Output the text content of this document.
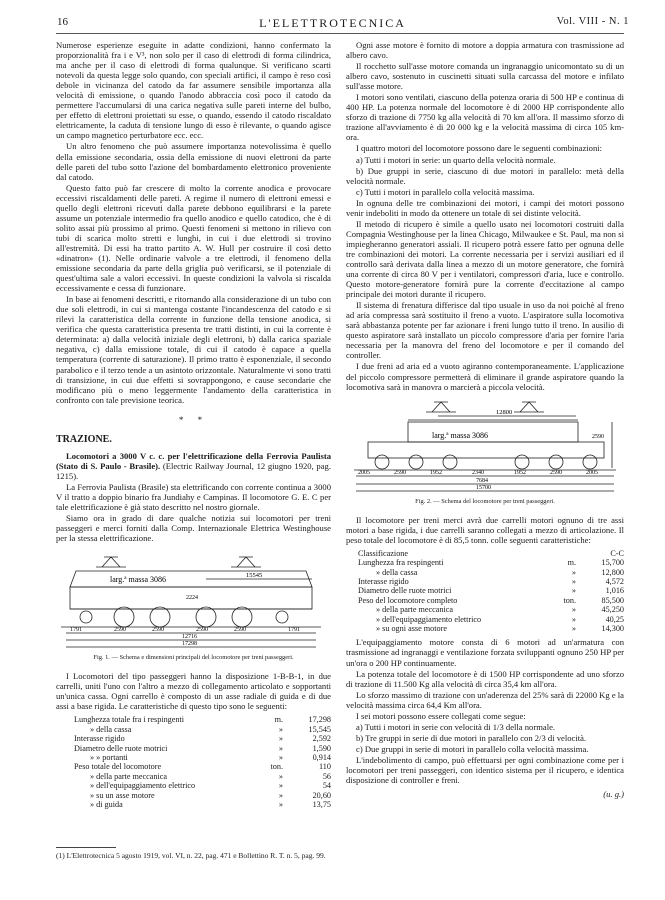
16	L'ELETTROTECNICA	Vol. VIII - N. 1

Numerose esperienze eseguite in adatte condizioni, hanno confermato la proporzionalità fra i e V³, non solo per il caso di elettrodi di forma cilindrica, ma anche per il caso di elettrodi di forma qualunque. Si verificano scarti notevoli da questa legge solo quando, con speciali artifici, il campo è reso così debole in vicinanza del catodo da far assumere sensibile importanza alla velocità di emissione, o quando l'anodo abbraccia così poco il catodo da permettere l'accumularsi di una carica negativa sulle pareti interne del bulbo, per effetto di elettroni proiettati su esse, o quando, essendo il catodo riscaldato elettricamente, la caduta di tensione lungo di esso è rilevante, o quando agisce un campo magnetico perturbatore ecc. ecc.

Un altro fenomeno che può assumere importanza notevolissima è quello della emissione secondaria, ossia della emissione di nuovi elettroni da parte delle pareti del tubo sotto l'azione del bombardamento elettronico proveniente dal catodo.

Questo fatto può far crescere di molto la corrente anodica e provocare eccessivi riscaldamenti delle pareti. A regime il numero di elettroni emessi e quello degli elettroni ricevuti dalla parete debbono equilibrarsi e la parete assume un potenziale intermedio fra quello anodico e quello catodico, che è di solito assai più prossimo al primo. Questi fenomeni si mettono in rilievo con tubi di scarica molto stretti e lunghi, in cui i due elettrodi si trovino all'estremità. Di essi ha tratto partito A. W. Hull per costruire il così detto «dinatron» (1). Nelle ordinarie valvole a tre elettrodi, il fenomeno della emissione secondaria da parte della griglia può verificarsi, se il potenziale di quest'ultima sale a valori eccessivi. In queste condizioni la valvola si riscalda eccessivamente e cessa di funzionare.

In base ai fenomeni descritti, e ritornando alla considerazione di un tubo con due soli elettrodi, in cui si mantenga costante l'incandescenza del catodo e si rilevi la caratteristica della corrente in funzione della tensione anodica, si verifica che questa caratteristica presenta tre tratti distinti, in cui la corrente è determinata: a) dalla velocità iniziale degli elettroni, b) dalla carica spaziale negativa, c) dalla emissione totale, di cui il catodo è capace a quella temperatura (corrente di saturazione). Il primo tratto è esponenziale, il secondo parabolico e il terzo tende a un asintoto orizzontale. Naturalmente vi sono tratti di transizione, in cui due effetti si sovrappongono, e cause secondarie che modificano più o meno leggermente l'andamento della caratteristica in confronto con tale previsione teorica.

* *
TRAZIONE.

Locomotori a 3000 V c. c. per l'elettrificazione della Ferrovia Paulista (Stato di S. Paulo - Brasile). (Electric Railway Journal, 12 giugno 1920, pag. 1215).

La Ferrovia Paulista (Brasile) sta elettrificando con corrente continua a 3000 V il tratto a doppio binario fra Jundiahy e Campinas. Il locomotore G. E. C per tale elettrificazione è già stato descritto nel nostro giornale.

Siamo ora in grado di dare qualche notizia sui locomotori per treni passeggeri e merci forniti dalla Comp. Internazionale Elettrica Westinghouse per la stessa elettrificazione.

larg.ª massa 3086	15545
2224
1791	2590	2590	2590	2590	1791
12716
17298
Fig. 1. — Schema e dimensioni principali del locomotore per treni passeggeri.

I Locomotori del tipo passeggeri hanno la disposizione 1-B-B-1, in due carrelli, uniti l'uno con l'altro a mezzo di collegamento articolato e sopportanti un'unica cassa. Ogni carrello è composto di un asse radiale di guida e di due assi a base rigida. Le caratteristiche di questo tipo sono le seguenti:

Lunghezza totale fra i respingenti	m.	17,298
» della cassa	»	15,545
Interasse rigido	»	2,592
Diametro delle ruote motrici	»	1,590
» » portanti	»	0,914
Peso totale del locomotore	ton.	110
» della parte meccanica	»	56
» dell'equipaggiamento elettrico	»	54
» su un asse motore	»	20,60
» di guida	»	13,75

Ogni asse motore è fornito di motore a doppia armatura con trasmissione ad albero cavo.

Il rocchetto sull'asse motore comanda un ingranaggio unicomontato su di un albero cavo, sostenuto in cuscinetti situati sulla carcassa del motore e infilato sull'asse motore.

I motori sono ventilati, ciascuno della potenza oraria di 500 HP e continua di 400 HP. La potenza normale del locomotore è di 2000 HP corrispondente allo sforzo di trazione di 7750 kg alla velocità di 70 km all'ora. Il massimo sforzo di trazione all'avviamento è di 20 000 kg e la velocità massima di circa 105 km-ora.

I quattro motori del locomotore possono dare le seguenti combinazioni:

a) Tutti i motori in serie: un quarto della velocità normale.

b) Due gruppi in serie, ciascuno di due motori in parallelo: metà della velocità normale.

c) Tutti i motori in parallelo colla velocità massima.

In ognuna delle tre combinazioni dei motori, i campi dei motori possono venir indeboliti in modo da ottenere un totale di sei distinte velocità.

Il metodo di ricupero è simile a quello usato nei locomotori costruiti dalla Compagnia Westinghouse per la linea Chicago, Milwaukee e St. Paul, ma non si impiegheranno generatori assiali. Il ricupero potrà essere fatto per ognuna delle tre combinazioni dei motori. La corrente necessaria per i servizi ausiliari ed il controllo sarà derivata dalla linea a mezzo di un motore generatore, che fornirà una corrente di circa 80 V per i ventilatori, compressori d'aria, luce e controllo. Questo motore-generatore fornirà pure la corrente d'eccitazione al campo principale dei motori durante il ricupero.

Il sistema di frenatura differisce dal tipo usuale in uso da noi poichè al freno ad aria compressa sarà sostituito il freno a vuoto. L'aspiratore sulla locomotiva sarà abbastanza potente per far azionare i freni lungo tutto il treno. In ausilio di questo aspiratore sarà installato un piccolo compressore d'aria per fornire l'aria necessaria per la manovra del freno del locomotore e per il comando del controller.

I due freni ad aria ed a vuoto agiranno contemporaneamente. L'applicazione del piccolo compressore permetterà di eliminare il grande aspiratore quando la locomotiva sarà in manovra o marcierà a piccola velocità.

larg.ª massa 3086
12800
2005	2590	1952	2340	1952	2590	2005
7684
15700
2590
Fig. 2. — Schema del locomotore per treni passeggeri.

Il locomotore per treni merci avrà due carrelli motori ognuno di tre assi motori a base rigida, i due carrelli saranno collegati a mezzo di articolazione. Il peso totale del locomotore è di 85,5 tonn. colle seguenti caratteristiche:

Classificazione		C-C
Lunghezza fra respingenti	m.	15,700
» della cassa	»	12,800
Interasse rigido	»	4,572
Diametro delle ruote motrici	»	1,016
Peso del locomotore completo	ton.	85,500
» della parte meccanica	»	45,250
» dell'equipaggiamento elettrico	»	40,25
» su ogni asse motore	»	14,300

L'equipaggiamento motore consta di 6 motori ad un'armatura con trasmissione ad ingranaggi e ventilazione forzata sviluppanti ognuno 250 HP per un'ora o 200 HP continuamente.

La potenza totale del locomotore è di 1500 HP corrispondente ad uno sforzo di trazione di 11.500 Kg alla velocità di circa 35,4 km all'ora.

Lo sforzo massimo di trazione con un'aderenza del 25% sarà di 22000 Kg e la velocità massima circa 64,4 Km all'ora.

I sei motori possono essere collegati come segue:

a) Tutti i motori in serie con velocità di 1/3 della normale.

b) Tre gruppi in serie di due motori in parallelo con 2/3 di velocità.

c) Due gruppi in serie di motori in parallelo colla velocità massima.

L'indebolimento di campo, può effettuarsi per ogni combinazione come per i locomotori per treni passeggeri, con identico sistema per il ricupero, e identica disposizione di controller e freni.

(u. g.)
(1) L'Elettrotecnica 5 agosto 1919, vol. VI, n. 22, pag. 471 e Bollettino R. T. n. 5, pag. 99.
